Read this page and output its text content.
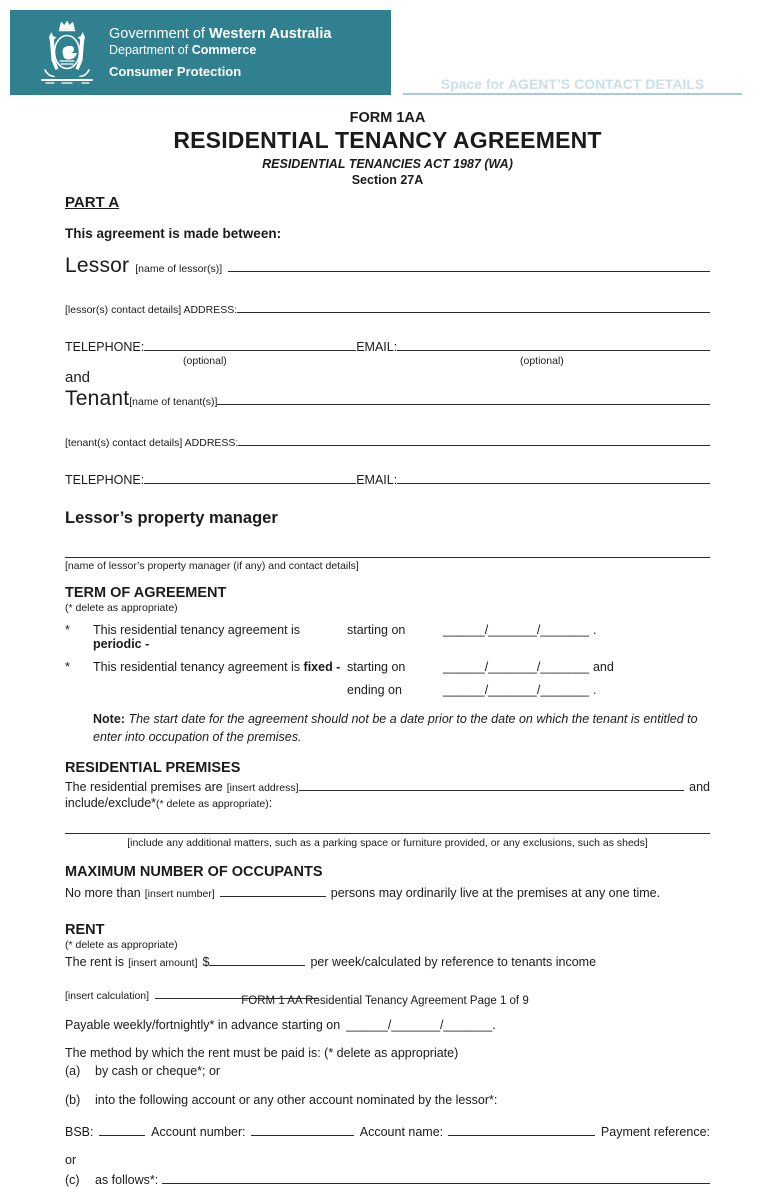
Government of Western Australia
Department of Commerce
Consumer Protection
Space for AGENT’S CONTACT DETAILS
FORM 1AA
RESIDENTIAL TENANCY AGREEMENT
RESIDENTIAL TENANCIES ACT 1987 (WA)
Section 27A
PART A
This agreement is made between:
Lessor [name of lessor(s)]
[lessor(s) contact details] ADDRESS:
TELEPHONE:	EMAIL:
(optional)	(optional)
and
Tenant [name of tenant(s)]
[tenant(s) contact details] ADDRESS:
TELEPHONE:	EMAIL:
Lessor’s property manager
[name of lessor’s property manager (if any) and contact details]
TERM OF AGREEMENT
(* delete as appropriate)
*	This residential tenancy agreement is periodic -
starting on	______/_______/_______ .
*	This residential tenancy agreement is fixed - starting on	______/_______/_______ and
ending on	______/_______/_______ .
Note: The start date for the agreement should not be a date prior to the date on which the tenant is entitled to enter into occupation of the premises.
RESIDENTIAL PREMISES
The residential premises are [insert address]	and
include/exclude*(* delete as appropriate):
[include any additional matters, such as a parking space or furniture provided, or any exclusions, such as sheds]
MAXIMUM NUMBER OF OCCUPANTS
No more than [insert number]	persons may ordinarily live at the premises at any one time.
RENT
(* delete as appropriate)
The rent is [insert amount] $	per week/calculated by reference to tenants income
[insert calculation]
Payable weekly/fortnightly* in advance starting on ______/_______/_______ .
The method by which the rent must be paid is: (* delete as appropriate)
(a)	by cash or cheque*; or
(b)	into the following account or any other account nominated by the lessor*:
BSB:	Account number:	Account name:	Payment reference:
or
(c)	as follows*:
FORM 1 AA Residential Tenancy Agreement Page 1 of 9
